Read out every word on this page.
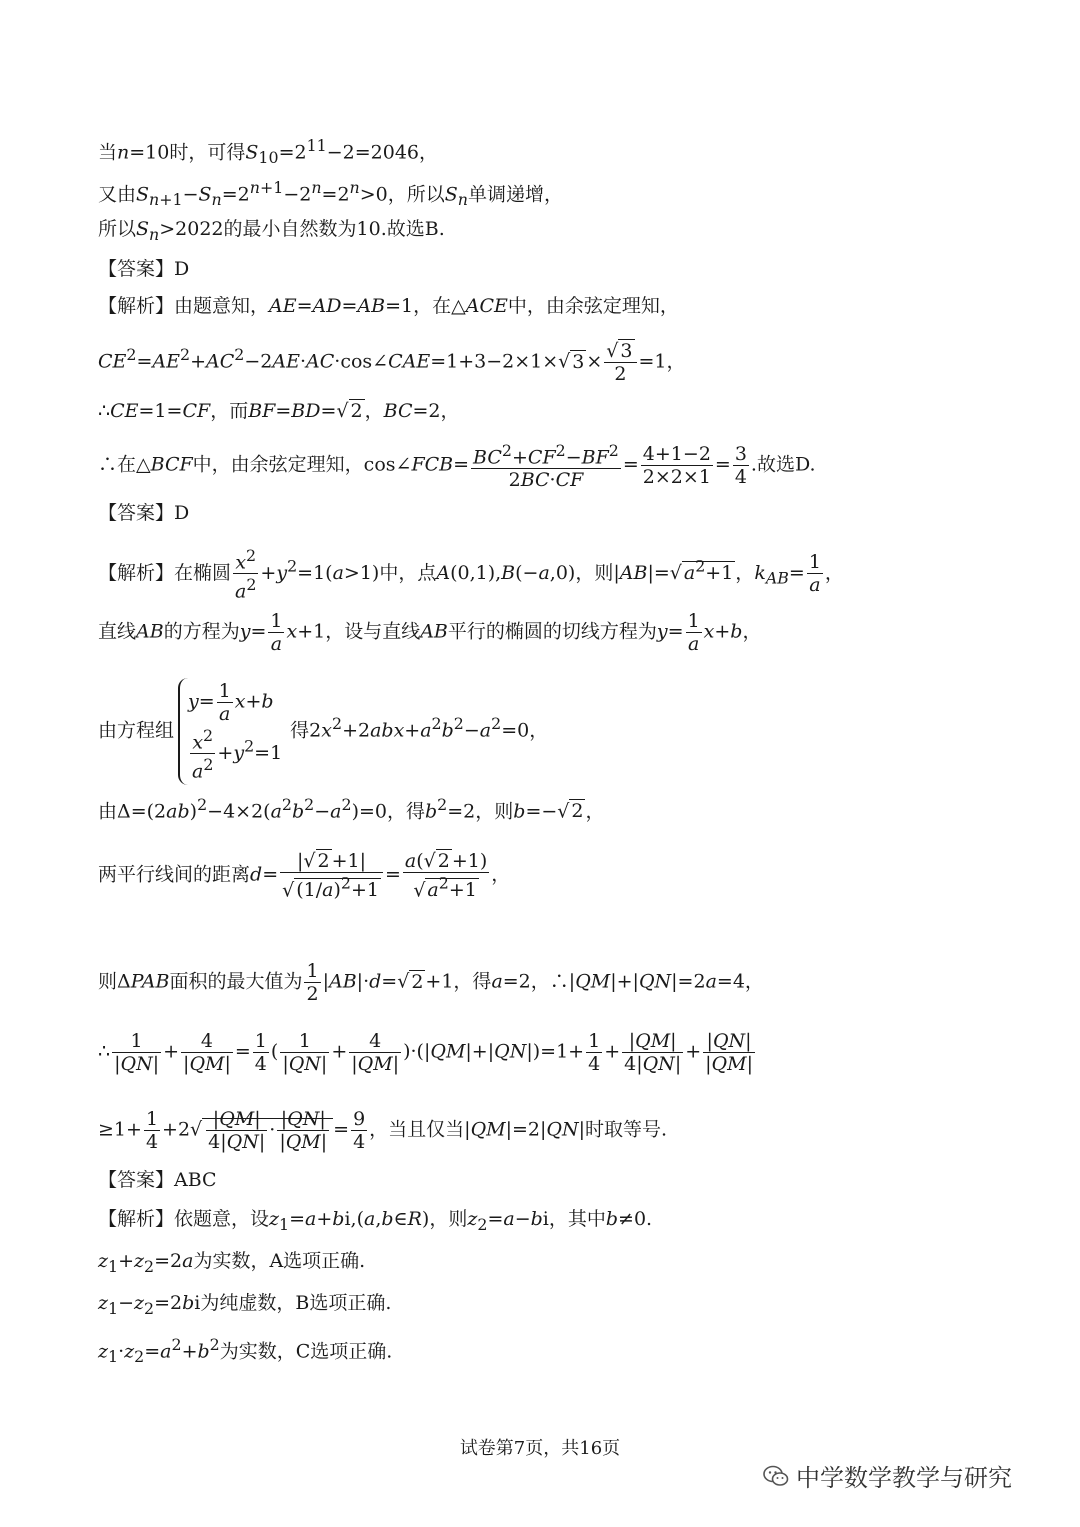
当n=10时，可得$S_{10}=2^{11}-2=2046$，
又由$S_{n+1}-S_n=2^{n+1}-2^n=2^n>0$，所以$S_n$单调递增，
所以$S_n>2022$的最小自然数为10.故选B.
【答案】D
【解析】由题意知，AE=AD=AB=1，在△ACE中，由余弦定理知，
$CE^2=AE^2+AC^2-2AE\cdot AC\cdot\cos\angle CAE=1+3-2\times 1\times√$ $3 \times \frac{√ 3}{2} =1$，
∴CE=1=CF，而BF=BD=√ 2 ，BC=2，
∴在△BCF中，由余弦定理知，cos∠FCB= $\frac{BC^2+CF^2-BF^2}{2BC\cdot CF} = \frac{4+1-2}{2\times 2\times 1} = \frac{3}{4}$ .故选D.
【答案】D
【解析】在椭圆 $\frac{x^2}{a^2} +y^2=1(a>1)$中，点A(0,1),B(−a,0)，则|AB|=√ $a^2+1$ ，$k_{AB}= \frac{1}{a}$ ，
直线AB的方程为$y= \frac{1}{a} x+1$，设与直线AB平行的椭圆的切线方程为$y= \frac{1}{a} x+b$，
由方程组
$y= \frac{1}{a} x+b$
$\frac{x^2}{a^2} +y^2=1$
得$2x^2+2abx+a^2b^2-a^2=0$，
由$\Delta=(2ab)^2-4\times 2(a^2b^2-a^2)=0$，得$b^2=2$，则b=−√ 2 ，
两平行线间的距离$d= \frac{|√ 2 +1|}{√ (1/a)^2+1} = \frac{a(√ 2 +1)}{√ a^2+1}$ ，
则ΔPAB面积的最大值为 $\frac{1}{2} |AB|\cdot d=√$ 2 +1，得a=2，∴|QM|+|QN|=2a=4，
∴ $\frac{1}{|QN|} + \frac{4}{|QM|} = \frac{1}{4}$ ( $\frac{1}{|QN|} + \frac{4}{|QM|} )\cdot(|QM|+|QN|)=1+ \frac{1}{4} + \frac{|QM|}{4|QN|} + \frac{|QN|}{|QM|}$
$\ge 1+ \frac{1}{4} +2√ \frac{|QM|}{4|QN|} \cdot \frac{|QN|}{|QM|} = \frac{9}{4}$ ，当且仅当|QM|=2|QN|时取等号.
【答案】ABC
【解析】依题意，设$z_1=a+bi,(a,b\in R)$，则$z_2=a-bi$，其中b≠0.
$z_1+z_2=2a$为实数，A选项正确.
$z_1-z_2=2bi$为纯虚数，B选项正确.
$z_1\cdot z_2=a^2+b^2$为实数，C选项正确.
试卷第7页，共16页
中学数学教学与研究
